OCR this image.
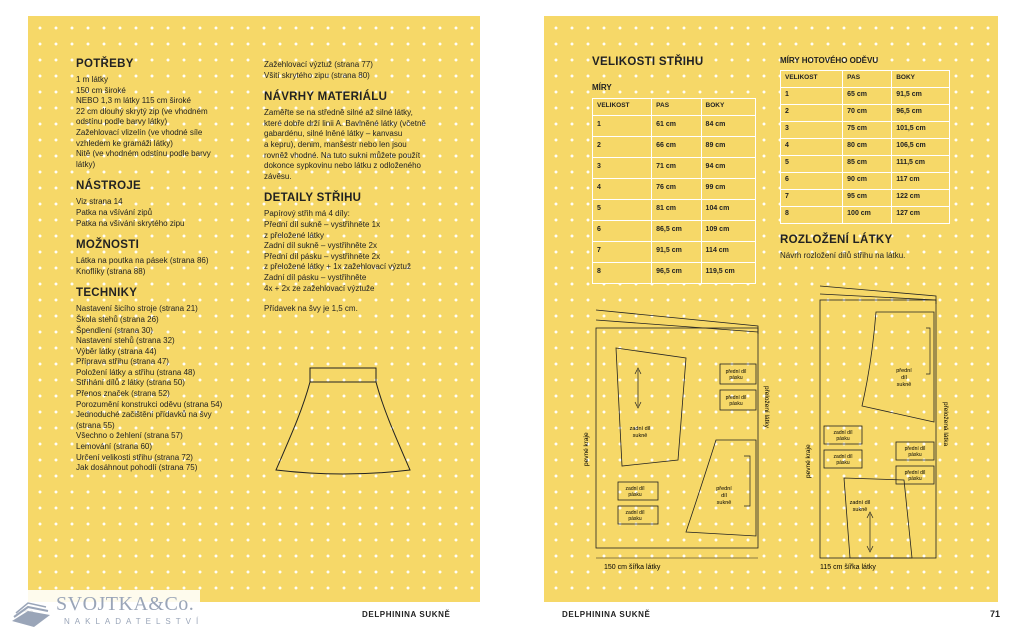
POTŘEBY
1 m látky
150 cm široké
NEBO 1,3 m látky 115 cm široké
22 cm dlouhý skrytý zip (ve vhodném
odstínu podle barvy látky)
Zažehlovací vlizelín (ve vhodné síle
vzhledem ke gramáži látky)
Nitě (ve vhodném odstínu podle barvy
látky)
NÁSTROJE
Viz strana 14
Patka na všívání zipů
Patka na všívání skrytého zipu
MOŽNOSTI
Látka na poutka na pásek (strana 86)
Knoflíky (strana 88)
TECHNIKY
Nastavení šicího stroje (strana 21)
Škola stehů (strana 26)
Špendlení (strana 30)
Nastavení stehů (strana 32)
Výběr látky (strana 44)
Příprava střihu (strana 47)
Položení látky a střihu (strana 48)
Stříhání dílů z látky (strana 50)
Přenos značek (strana 52)
Porozumění konstrukci oděvu (strana 54)
Jednoduché začištění přídavků na švy
(strana 55)
Všechno o žehlení (strana 57)
Lemování (strana 60)
Určení velikosti střihu (strana 72)
Jak dosáhnout pohodlí (strana 75)
Zažehlovací výztuž (strana 77)
Všití skrytého zipu (strana 80)
NÁVRHY MATERIÁLU
Zaměřte se na středně silné až silné látky,
které dobře drží linii A. Bavlněné látky (včetně
gabardénu, silné lněné látky – kanvasu
a kepru), denim, manšestr nebo len jsou
rovněž vhodné. Na tuto sukni můžete použít
dokonce sypkovinu nebo látku z odloženého
závěsu.
DETAILY STŘIHU
Papírový střih má 4 díly:
Přední díl sukně – vystřihněte 1x
z přeložené látky
Zadní díl sukně – vystřihněte 2x
Přední díl pásku – vystřihněte 2x
z přeložené látky + 1x zažehlovací výztuž
Zadní díl pásku – vystřihněte
4x + 2x ze zažehlovací výztuže
Přídavek na švy je 1,5 cm.
DELPHININA SUKNĚ
VELIKOSTI STŘIHU
MÍRY
VELIKOST	PAS	BOKY
1	61 cm	84 cm
2	66 cm	89 cm
3	71 cm	94 cm
4	76 cm	99 cm
5	81 cm	104 cm
6	86,5 cm	109 cm
7	91,5 cm	114 cm
8	96,5 cm	119,5 cm
MÍRY HOTOVÉHO ODĚVU
VELIKOST	PAS	BOKY
1	65 cm	91,5 cm
2	70 cm	96,5 cm
3	75 cm	101,5 cm
4	80 cm	106,5 cm
5	85 cm	111,5 cm
6	90 cm	117 cm
7	95 cm	122 cm
8	100 cm	127 cm
ROZLOŽENÍ LÁTKY
Návrh rozložení dílů střihu na látku.
zadní díl
sukně
přední díl
pásku
přední díl
pásku
zadní díl
pásku
zadní díl
pásku
přední
díl
sukně
přeložení látky
pevné kraje
150 cm šířka látky
přední
díl
sukně
zadní díl
pásku
zadní díl
pásku
přední díl
pásku
přední díl
pásku
zadní díl
sukně
přeložená látka
pevné kraje
115 cm šířka látky
DELPHININA SUKNĚ	71
SVOJTKA&Co.
NAKLADATELSTVÍ
